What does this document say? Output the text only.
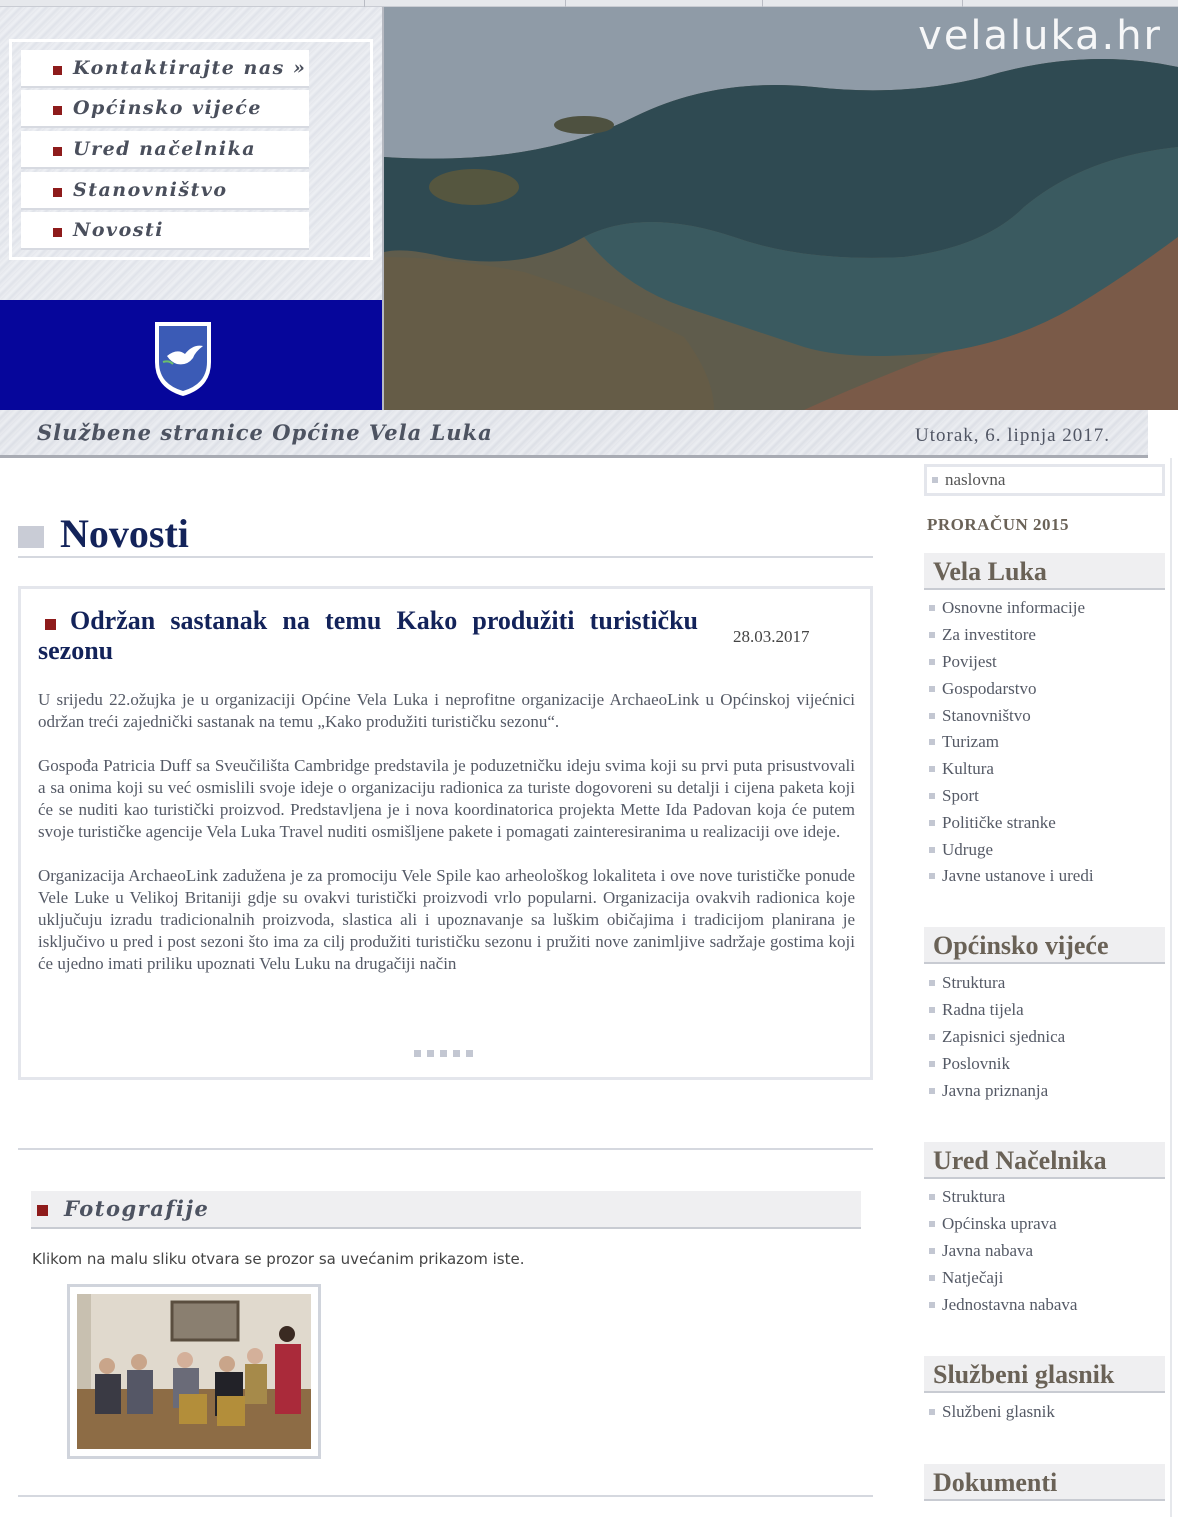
Kontaktirajte nas »
Općinsko vijeće
Ured načelnika
Stanovništvo
Novosti
velaluka.hr
Službene stranice Općine Vela Luka	Utorak, 6. lipnja 2017.
Novosti
Održan sastanak na temu Kako produžiti turističku sezonu	28.03.2017

U srijedu 22.ožujka je u organizaciji Općine Vela Luka i neprofitne organizacije ArchaeoLink u Općinskoj vijećnici održan treći zajednički sastanak na temu „Kako produžiti turističku sezonu“.

Gospođa Patricia Duff sa Sveučilišta Cambridge predstavila je poduzetničku ideju svima koji su prvi puta prisustvovali a sa onima koji su već osmislili svoje ideje o organizaciju radionica za turiste dogovoreni su detalji i cijena paketa koji će se nuditi kao turistički proizvod. Predstavljena je i nova koordinatorica projekta Mette Ida Padovan koja će putem svoje turističke agencije Vela Luka Travel nuditi osmišljene pakete i pomagati zainteresiranima u realizaciji ove ideje.

Organizacija ArchaeoLink zadužena je za promociju Vele Spile kao arheološkog lokaliteta i ove nove turističke ponude Vele Luke u Velikoj Britaniji gdje su ovakvi turistički proizvodi vrlo popularni. Organizacija ovakvih radionica koje uključuju izradu tradicionalnih proizvoda, slastica ali i upoznavanje sa luškim običajima i tradicijom planirana je isključivo u pred i post sezoni što ima za cilj produžiti turističku sezonu i pružiti nove zanimljive sadržaje gostima koji će ujedno imati priliku upoznati Velu Luku na drugačiji način

Fotografije
Klikom na malu sliku otvara se prozor sa uvećanim prikazom iste.
naslovna
PRORAČUN 2015
Vela Luka
Osnovne informacije
Za investitore
Povijest
Gospodarstvo
Stanovništvo
Turizam
Kultura
Sport
Političke stranke
Udruge
Javne ustanove i uredi
Općinsko vijeće
Struktura
Radna tijela
Zapisnici sjednica
Poslovnik
Javna priznanja
Ured Načelnika
Struktura
Općinska uprava
Javna nabava
Natječaji
Jednostavna nabava
Službeni glasnik
Službeni glasnik
Dokumenti
